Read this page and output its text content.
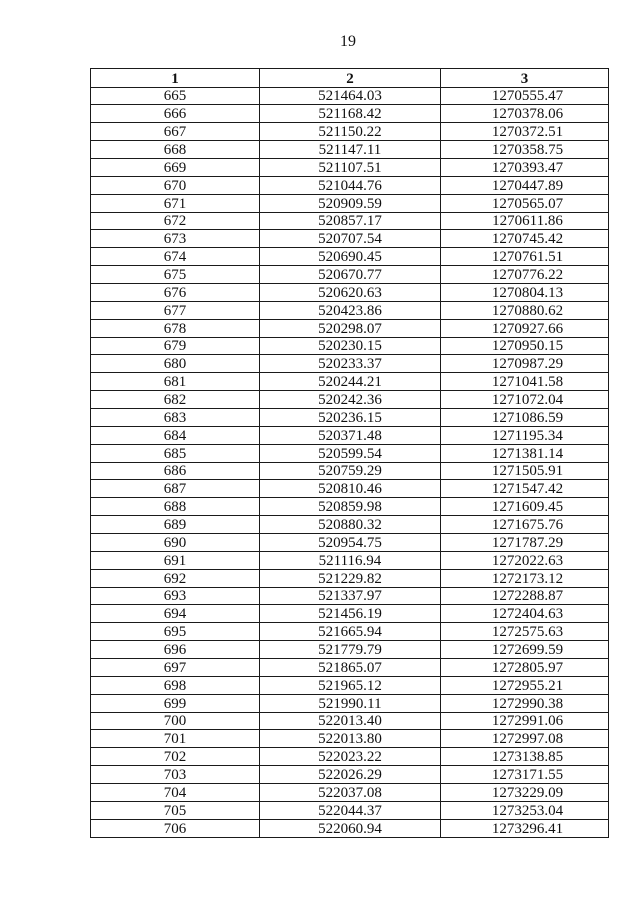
19
1	2	3
665	521464.03	1270555.47
666	521168.42	1270378.06
667	521150.22	1270372.51
668	521147.11	1270358.75
669	521107.51	1270393.47
670	521044.76	1270447.89
671	520909.59	1270565.07
672	520857.17	1270611.86
673	520707.54	1270745.42
674	520690.45	1270761.51
675	520670.77	1270776.22
676	520620.63	1270804.13
677	520423.86	1270880.62
678	520298.07	1270927.66
679	520230.15	1270950.15
680	520233.37	1270987.29
681	520244.21	1271041.58
682	520242.36	1271072.04
683	520236.15	1271086.59
684	520371.48	1271195.34
685	520599.54	1271381.14
686	520759.29	1271505.91
687	520810.46	1271547.42
688	520859.98	1271609.45
689	520880.32	1271675.76
690	520954.75	1271787.29
691	521116.94	1272022.63
692	521229.82	1272173.12
693	521337.97	1272288.87
694	521456.19	1272404.63
695	521665.94	1272575.63
696	521779.79	1272699.59
697	521865.07	1272805.97
698	521965.12	1272955.21
699	521990.11	1272990.38
700	522013.40	1272991.06
701	522013.80	1272997.08
702	522023.22	1273138.85
703	522026.29	1273171.55
704	522037.08	1273229.09
705	522044.37	1273253.04
706	522060.94	1273296.41
